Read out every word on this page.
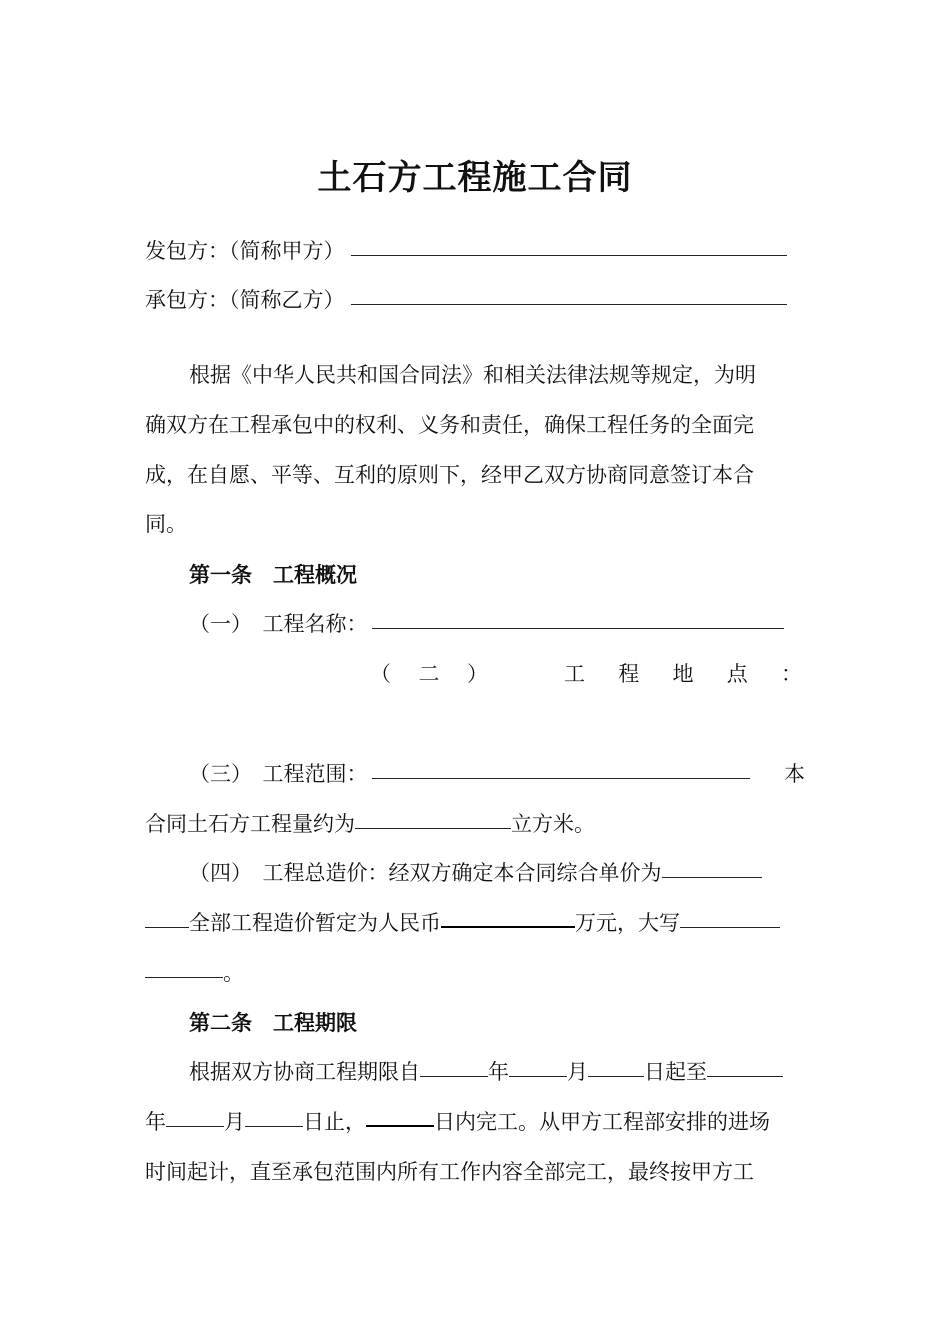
土石方工程施工合同
发包方：（简称甲方）
承包方：（简称乙方）
根据《中华人民共和国合同法》和相关法律法规等规定，为明
确双方在工程承包中的权利、义务和责任，确保工程任务的全面完
成，在自愿、平等、互利的原则下，经甲乙双方协商同意签订本合
同。
第一条　工程概况
（一）　工程名称：
（ 二 ）	工 程 地 点 ：
（三）　工程范围：	本
合同土石方工程量约为	立方米。
（四）　工程总造价：经双方确定本合同综合单价为
全部工程造价暂定为人民币	万元，大写
。
第二条　工程期限
根据双方协商工程期限自	年	月	日起至
年	月	日止，	日内完工。从甲方工程部安排的进场
时间起计，直至承包范围内所有工作内容全部完工，最终按甲方工
